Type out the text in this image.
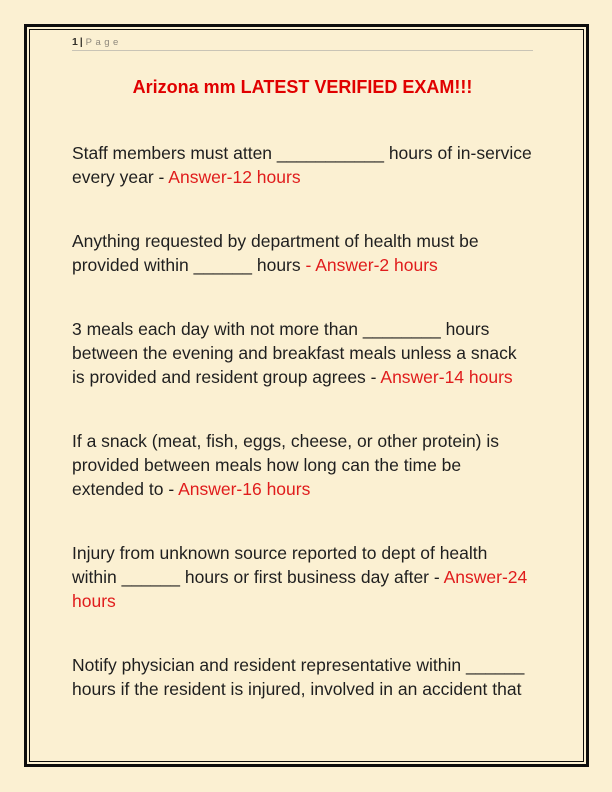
1 | Page
Arizona mm LATEST VERIFIED EXAM!!!

Staff members must atten ___________ hours of in-service every year - Answer-12 hours

Anything requested by department of health must be provided within ______ hours - Answer-2 hours

3 meals each day with not more than ________ hours between the evening and breakfast meals unless a snack is provided and resident group agrees - Answer-14 hours

If a snack (meat, fish, eggs, cheese, or other protein) is provided between meals how long can the time be extended to - Answer-16 hours

Injury from unknown source reported to dept of health within ______ hours or first business day after - Answer-24 hours

Notify physician and resident representative within ______ hours if the resident is injured, involved in an accident that
